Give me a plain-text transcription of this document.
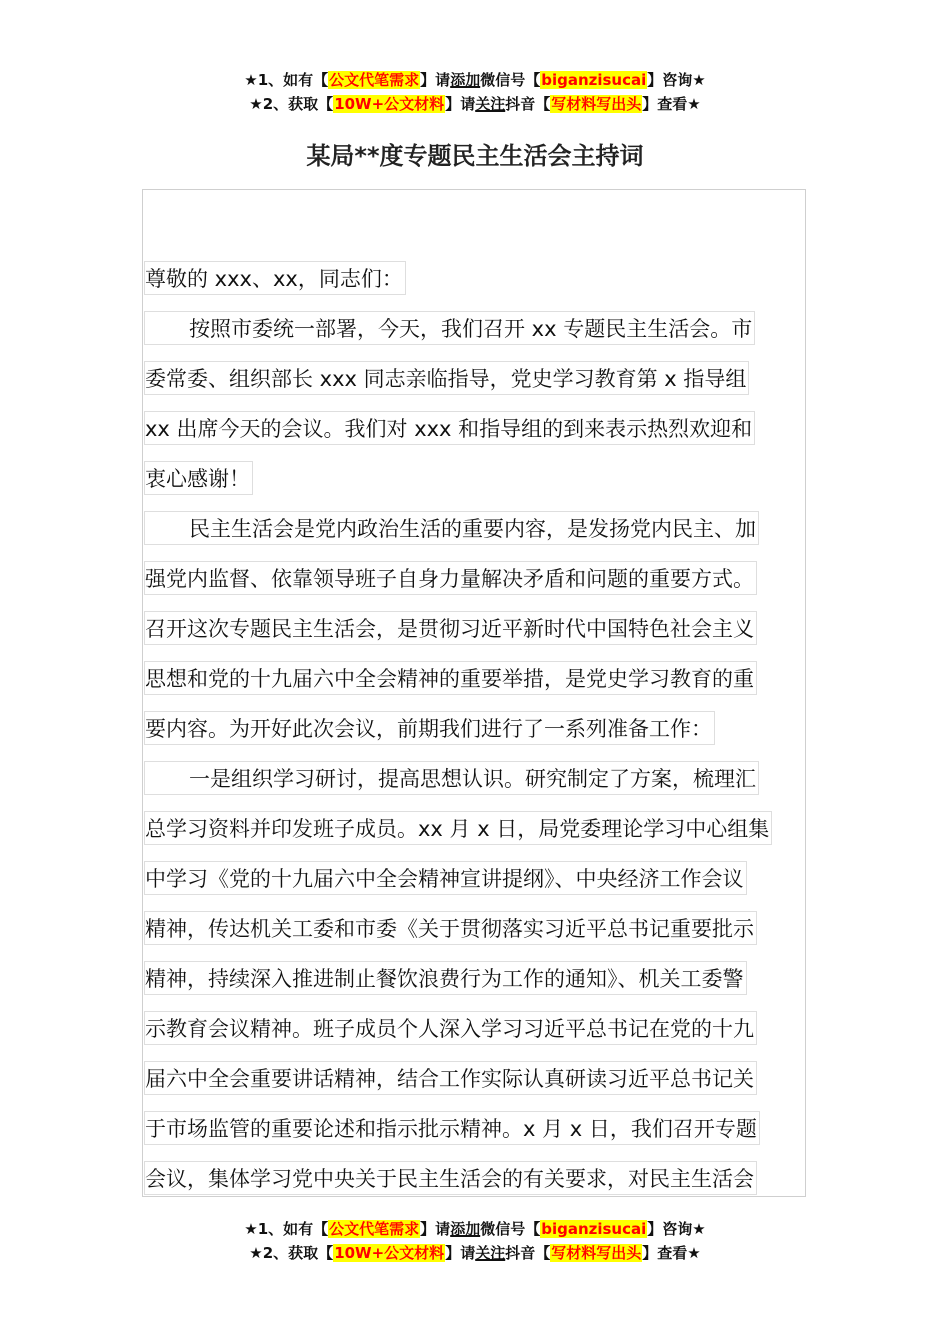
★1、如有【公文代笔需求】请添加微信号【biganzisucai】咨询★
★2、获取【10W+公文材料】请关注抖音【写材料写出头】查看★
某局**度专题民主生活会主持词
尊敬的 xxx、xx，同志们：
按照市委统一部署，今天，我们召开 xx 专题民主生活会。市
委常委、组织部长 xxx 同志亲临指导，党史学习教育第 x 指导组
xx 出席今天的会议。我们对 xxx 和指导组的到来表示热烈欢迎和
衷心感谢！
民主生活会是党内政治生活的重要内容，是发扬党内民主、加
强党内监督、依靠领导班子自身力量解决矛盾和问题的重要方式。
召开这次专题民主生活会，是贯彻习近平新时代中国特色社会主义
思想和党的十九届六中全会精神的重要举措，是党史学习教育的重
要内容。为开好此次会议，前期我们进行了一系列准备工作：
一是组织学习研讨，提高思想认识。研究制定了方案，梳理汇
总学习资料并印发班子成员。xx 月 x 日，局党委理论学习中心组集
中学习《党的十九届六中全会精神宣讲提纲》、中央经济工作会议
精神，传达机关工委和市委《关于贯彻落实习近平总书记重要批示
精神，持续深入推进制止餐饮浪费行为工作的通知》、机关工委警
示教育会议精神。班子成员个人深入学习习近平总书记在党的十九
届六中全会重要讲话精神，结合工作实际认真研读习近平总书记关
于市场监管的重要论述和指示批示精神。x 月 x 日，我们召开专题
会议，集体学习党中央关于民主生活会的有关要求，对民主生活会
★1、如有【公文代笔需求】请添加微信号【biganzisucai】咨询★
★2、获取【10W+公文材料】请关注抖音【写材料写出头】查看★
